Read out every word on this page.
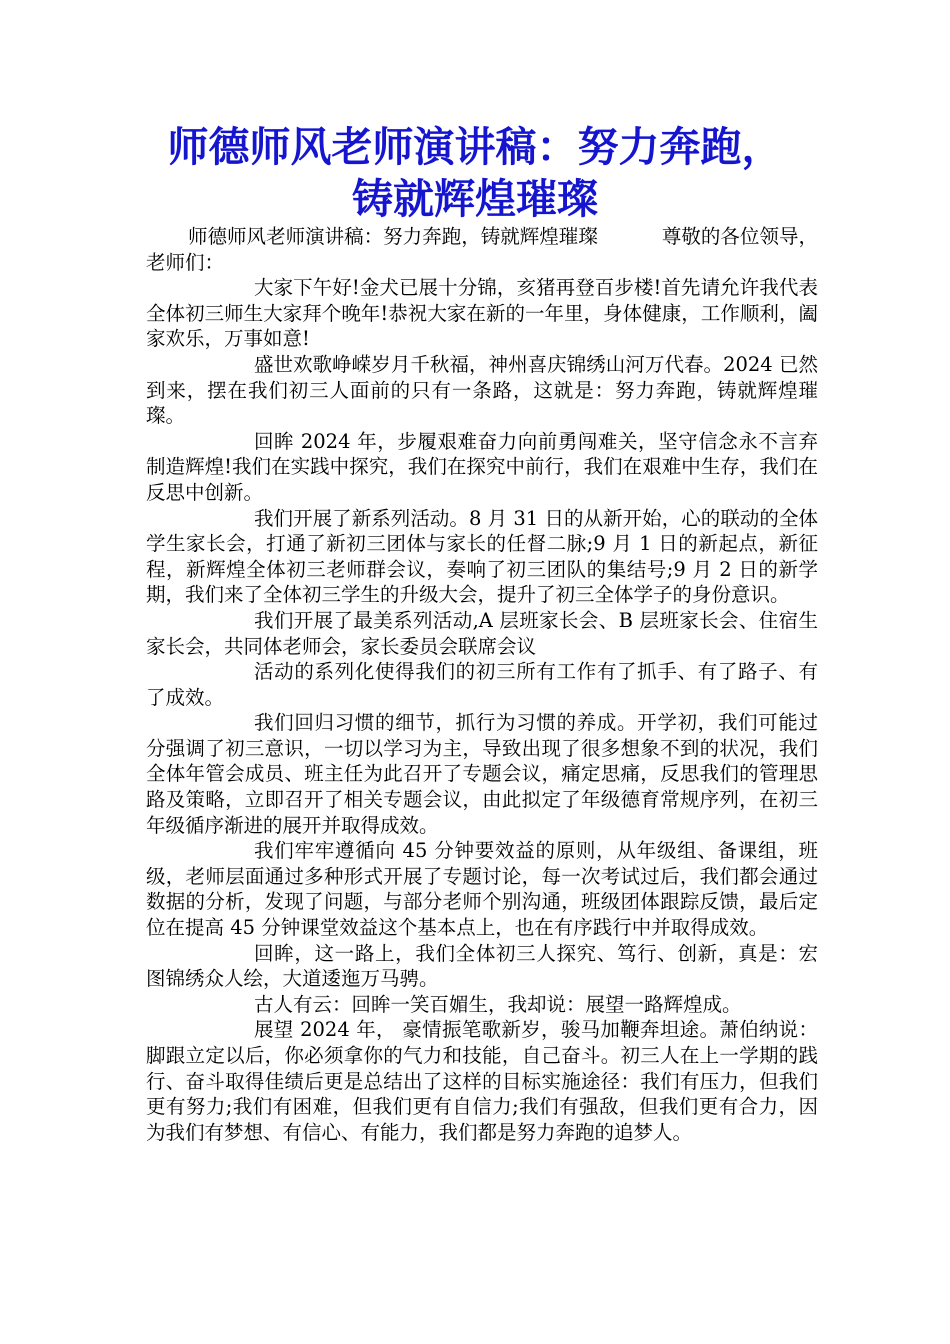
师德师风老师演讲稿：努力奔跑，
铸就辉煌璀璨

师德师风老师演讲稿：努力奔跑，铸就辉煌璀璨	尊敬的各位领导，老师们：

大家下午好!金犬已展十分锦，亥猪再登百步楼!首先请允许我代表全体初三师生大家拜个晚年!恭祝大家在新的一年里，身体健康，工作顺利，阖家欢乐，万事如意!

盛世欢歌峥嵘岁月千秋福，神州喜庆锦绣山河万代春。2024 已然到来，摆在我们初三人面前的只有一条路，这就是：努力奔跑，铸就辉煌璀璨。

回眸 2024 年，步履艰难奋力向前勇闯难关，坚守信念永不言弃制造辉煌!我们在实践中探究，我们在探究中前行，我们在艰难中生存，我们在反思中创新。

我们开展了新系列活动。8 月 31 日的从新开始，心的联动的全体学生家长会，打通了新初三团体与家长的任督二脉;9 月 1 日的新起点，新征程，新辉煌全体初三老师群会议，奏响了初三团队的集结号;9 月 2 日的新学期，我们来了全体初三学生的升级大会，提升了初三全体学子的身份意识。

我们开展了最美系列活动,A 层班家长会、B 层班家长会、住宿生家长会，共同体老师会，家长委员会联席会议

活动的系列化使得我们的初三所有工作有了抓手、有了路子、有了成效。

我们回归习惯的细节，抓行为习惯的养成。开学初，我们可能过分强调了初三意识，一切以学习为主，导致出现了很多想象不到的状况，我们全体年管会成员、班主任为此召开了专题会议，痛定思痛，反思我们的管理思路及策略，立即召开了相关专题会议，由此拟定了年级德育常规序列，在初三年级循序渐进的展开并取得成效。

我们牢牢遵循向 45 分钟要效益的原则，从年级组、备课组，班级，老师层面通过多种形式开展了专题讨论，每一次考试过后，我们都会通过数据的分析，发现了问题，与部分老师个别沟通，班级团体跟踪反馈，最后定位在提高 45 分钟课堂效益这个基本点上，也在有序践行中并取得成效。

回眸，这一路上，我们全体初三人探究、笃行、创新，真是：宏图锦绣众人绘，大道逶迤万马骋。

古人有云：回眸一笑百媚生，我却说：展望一路辉煌成。

展望 2024 年， 豪情振笔歌新岁，骏马加鞭奔坦途。萧伯纳说：脚跟立定以后，你必须拿你的气力和技能，自己奋斗。初三人在上一学期的践行、奋斗取得佳绩后更是总结出了这样的目标实施途径：我们有压力，但我们更有努力;我们有困难，但我们更有自信力;我们有强敌，但我们更有合力，因为我们有梦想、有信心、有能力，我们都是努力奔跑的追梦人。
